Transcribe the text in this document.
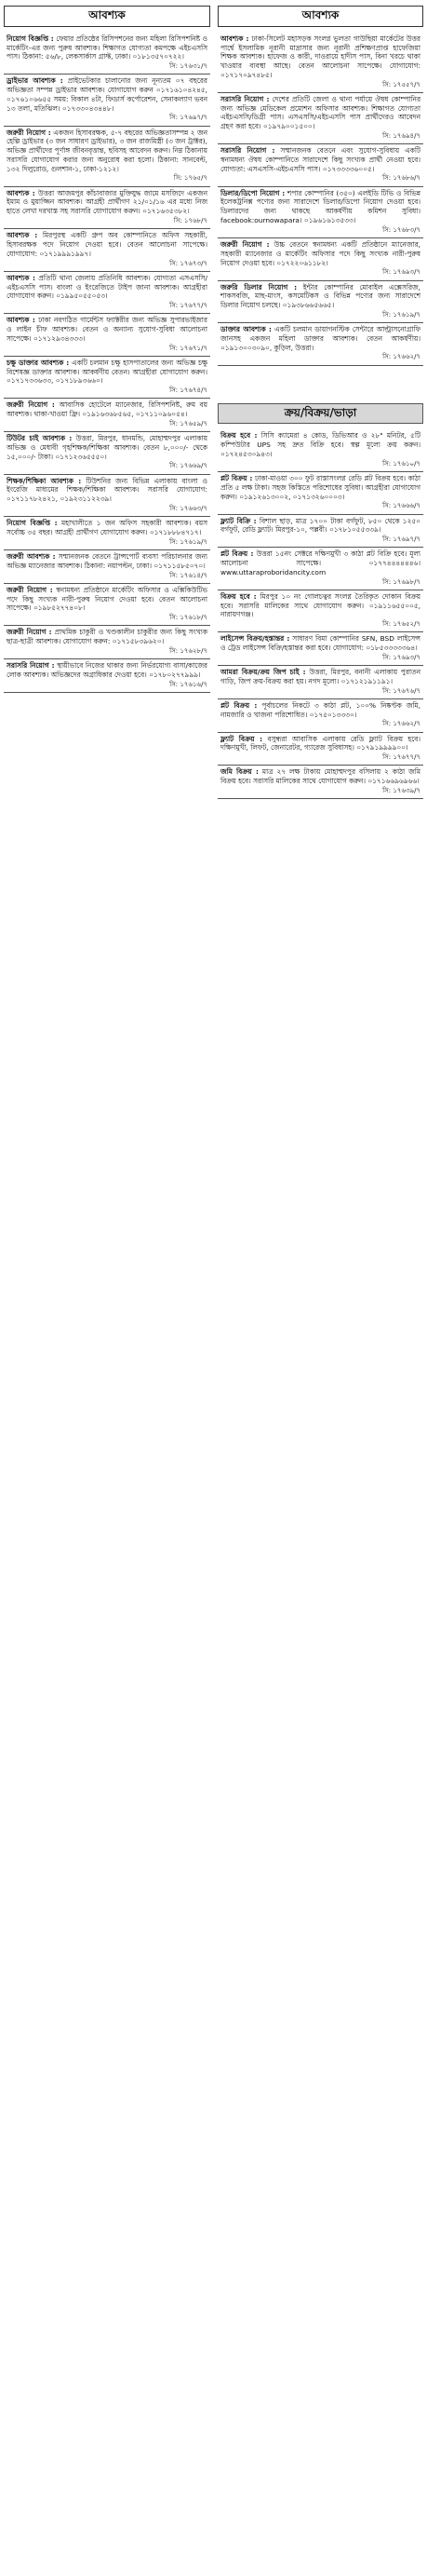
আবশ্যক
নিয়োগ বিজ্ঞপ্তি : ফেয়ার প্রতিষ্ঠের রিসিপশনের জন্য মহিলা রিসিপশনিষ্ট ও মার্কেটিং-এর জন্য পুরুষ আবশ্যক। শিক্ষাগত যোগ্যতা কমপক্ষে এইচএসসি পাস। ঠিকানা: ৫৬/৮, লেকসার্কাস গ্রাফ্ট, ঢাকা। ০১৮১৩৫৭০৭২২।
সি: ১৭৬৩১/৭
ড্রাইভার আবশ্যক : প্রাইভেটকার চালানোর জন্য নূন্যতম ০৭ বছরের অভিজ্ঞতা সম্পন্ন ড্রাইভার আবশ্যক। যোগাযোগ করুন ০১৭১৬১০৪২৪৫, ০১৭৬১০৬৬৫৫ সময়: বিকাল ৪টা, ফিডার্স কর্পোরেশন, সেনাকল্যাণ ভবন ১৩ তলা, মতিঝিল। ০১৭৩৩০৪৩৪৪৮।
সি: ১৭৬৯৭/৭
জরুরী নিয়োগ : একজন হিসাবরক্ষক, ৫-৭ বছরের অভিজ্ঞতাসম্পন্ন ২ জন হেল্পি ড্রাইভার (৩ জন সাধারণ ড্রাইভার), ৩ জন রাজমিস্ত্রী (৩ জন ট্রাক্টর), অভিজ্ঞ প্রার্থীদের পূর্ণাঙ্গ জীবনবৃত্তান্ত, ছবিসহ আবেদন করুন। নিম্ন ঠিকানায় সরাসরি যোগাযোগ করার জন্য অনুরোধ করা হলো। ঠিকানা: সানবেল্ট, ১৩২ দিলুরোড, গুলশান-১, ঢাকা-১২১২।
সি: ১৭৬৫/৭
আবশ্যক : উত্তরা আজমপুর কাঁচাবাজার মুক্তিযুদ্ধ জামে মসজিদে একজন ইমাম ও মুয়াজ্জিন আবশ্যক। আগ্রহী প্রার্থীগণ ২১/০১/১৬ এর মধ্যে নিজ হাতে লেখা দরখাস্ত সহ সরাসরি যোগাযোগ করুন। ০১৭১৬৩৫৩৮২।
সি: ১৭৬৮/৭
আবশ্যক : মিরপুরস্থ একটি গ্রুপ অব কোম্পানিতে অফিস সহকারী, হিসাবরক্ষক পদে নিয়োগ দেওয়া হবে। বেতন আলোচনা সাপেক্ষে। যোগাযোগ: ০১৭১৯৯৯১৯৯৭।
সি: ১৭৬৭৩/৭
আবশ্যক : প্রতিটি থানা জেলায় প্রতিনিধি আবশ্যক। যোগ্যতা এসএসসি/এইচএসসি পাস। বাংলা ও ইংরেজিতে টাইপ জানা আবশ্যক। আগ্রহীরা যোগাযোগ করুন। ০১৯৯৫০৫৫০৫৩।
সি: ১৭৬৭৭/৭
আবশ্যক : ঢাকা নবগঠিত গার্মেন্টস ফ্যাক্টরীর জন্য অভিজ্ঞ সুপারভাইজার ও লাইন চীফ আবশ্যক। বেতন ও অন্যান্য সুযোগ-সুবিধা আলোচনা সাপেক্ষে। ০১৭১২৯৩৪৩৩৩।
সি: ১৭৬৭১/৭
চক্ষু ডাক্তার আবশ্যক : একটি চলমান চক্ষু হাসপাতালের জন্য অভিজ্ঞ চক্ষু বিশেষজ্ঞ ডাক্তার আবশ্যক। আকর্ষণীয় বেতন। আগ্রহীরা যোগাযোগ করুন। ০১৭১৭৩৩৬৩৩, ০১৭১৮৯৩৬৬০।
সি: ১৭৬৭৪/৭
জরুরী নিয়োগ : আবাসিক হোটেলে ম্যানেজার, রিসিপশনিষ্ট, রুম বয় আবশ্যক। থাকা-খাওয়া ফ্রি। ০১৯১৬৩৬৮৫৬৫, ০১৭১১০৯৬০৫৪।
সি: ১৭৬৫৯/৭
টিউটর চাই আবশ্যক : উত্তরা, মিরপুর, ধানমন্ডি, মোহাম্মদপুর এলাকায় অভিজ্ঞ ও মেধাবী গৃহশিক্ষক/শিক্ষিকা আবশ্যক। বেতন ৮,০০০/- থেকে ১৫,০০০/- টাকা। ০১৭১২৩৬৫৫৫০।
সি: ১৭৬৬৯/৭
শিক্ষক/শিক্ষিকা আবশ্যক : টিউশনির জন্য বিভিন্ন এলাকায় বাংলা ও ইংরেজি মাধ্যমের শিক্ষক/শিক্ষিকা আবশ্যক। সরাসরি যোগাযোগ: ০১৭১১৭৮২৪২১, ০১৯২৩১১২২৩৯।
সি: ১৭৬৬৩/৭
নিয়োগ বিজ্ঞপ্তি : মহাখালীতে ১ জন অফিস সহকারী আবশ্যক। বয়স সর্বোচ্চ ৩৫ বছর। আগ্রহী প্রার্থীগণ যোগাযোগ করুন। ০১৭১৮৮৮৪৭১৭।
সি: ১৭৬১৯/৭
জরুরী আবশ্যক : সম্মানজনক বেতনে ট্রান্সপোর্ট ব্যবসা পরিচালনার জন্য অভিজ্ঞ ম্যানেজার আবশ্যক। ঠিকানা: নয়াপল্টন, ঢাকা। ০১৭১১৫৮৫০৭০।
সি: ১৭৬১৪/৭
জরুরী নিয়োগ : স্বনামধন্য প্রতিষ্ঠানে মার্কেটিং অফিসার ও এক্সিকিউটিভ পদে কিছু সংখ্যক নারী-পুরুষ নিয়োগ দেওয়া হবে। বেতন আলোচনা সাপেক্ষে। ০১৯৮৫২৭৭৪০৮।
সি: ১৭৬১৮/৭
জরুরী নিয়োগ : প্রাথমিক চাকুরী ও খণ্ডকালীন চাকুরীর জন্য কিছু সংখ্যক ছাত্র-ছাত্রী আবশ্যক। যোগাযোগ করুন: ০১৭১৫৮৩৯৬২০।
সি: ১৭৬২৮/৭
সরাসরি নিয়োগ : স্থায়ীভাবে নিজের থাকার জন্য নির্ভরযোগ্য বাসা/কাজের লোক আবশ্যক। অভিজ্ঞদের অগ্রাধিকার দেওয়া হবে। ০১৭৮০২৭৭৯৯৯।
সি: ১৭৬১৬/৭
আবশ্যক
আবশ্যক : ঢাকা-সিলেট মহাসড়ক সংলগ্ন ভুলতা গাউছিয়া মার্কেটের উত্তর পার্শ্বে ইসলামিক নূরানী মাদ্রাসার জন্য নূরানী প্রশিক্ষণপ্রাপ্ত হাফেজিয়া শিক্ষক আবশ্যক। হাফেজ ও কারী, দাওরায়ে হাদীস পাস, বিনা খরচে থাকা খাওয়ার ব্যবস্থা আছে। বেতন আলোচনা সাপেক্ষে। যোগাযোগ: ০১৭১৭০৯৭৪৮৫।
সি: ১৭৫৫৭/৭
সরাসরি নিয়োগ : দেশের প্রতিটি জেলা ও থানা পর্যায়ে ঔষধ কোম্পানির জন্য অভিজ্ঞ মেডিকেল প্রমোশন অফিসার আবশ্যক। শিক্ষাগত যোগ্যতা এইচএসসি/ডিগ্রী পাস। এসএসসি/এইচএসসি পাস প্রার্থীদেরও আবেদন গ্রহণ করা হবে। ০১৯৭৯০০১৫০০।
সি: ১৭৬৯৪/৭
সরাসরি নিয়োগ : সম্মানজনক বেতনে এবং সুযোগ-সুবিধায় একটি স্বনামধন্য ঔষধ কোম্পানিতে সারাদেশে কিছু সংখ্যক প্রার্থী নেওয়া হবে। যোগ্যতা: এসএসসি-এইচএসসি পাস। ০১৭৩৩৩৩৬০০৫।
সি: ১৭৬৮৬/৭
ডিলার/ডিপো নিয়োগ : শপার কোম্পানির (৩৫০) এলইডি টিভি ও বিভিন্ন ইলেকট্রনিক্স পণ্যের জন্য সারাদেশে ডিলার/ডিপো নিয়োগ দেওয়া হবে। ডিলারদের জন্য থাকছে আকর্ষণীয় কমিশন সুবিধা। facebook:ournowapara। ০১৯৬১৬১৩৫৩৩।
সি: ১৭৬৮৩/৭
জরুরী নিয়োগ : উচ্চ বেতনে স্বনামধন্য একটি প্রতিষ্ঠানে ম্যানেজার, সহকারী ম্যানেজার ও মার্কেটিং অফিসার পদে কিছু সংখ্যক নারী-পুরুষ নিয়োগ দেওয়া হবে। ০১৭২২০৬১১৮২।
সি: ১৭৬৯৩/৭
জরুরি ডিলার নিয়োগ : ইন্টার কোম্পানির মোবাইল এক্সেসরিজ, শাকসবজি, মাছ-মাংস, কসমেটিকস ও বিভিন্ন পণ্যের জন্য সারাদেশে ডিলার নিয়োগ চলছে। ০১৯৩৮৬৬৫৬৬৫।
সি: ১৭৬১৯/৭
ডাক্তার আবশ্যক : একটি চলমান ডায়াগনস্টিক সেন্টারে আল্ট্রাসনোগ্রাফি জানসহ একজন মহিলা ডাক্তার আবশ্যক। বেতন আকর্ষণীয়। ০১৯১৩০০৩০৯০, কুড়িল, উত্তরা।
সি: ১৭৬৬২/৭
ক্রয়/বিক্রয়/ভাড়া
বিক্রয় হবে : সিসি ক্যামেরা ৪ কোড, ডিভিআর ও ২৮" মনিটর, ৫টি কম্পিউটার UPS সহ দ্রুত বিক্রি হবে। স্বল্প মূল্যে ক্রয় করুন। ০১৭২৪৫৩০৯৪৩।
সি: ১৭৬১০/৭
প্লট বিক্রয় : ঢাকা-মাওয়া ৩০০ ফুট রাস্তাসংলগ্ন রেডি প্লট বিক্রয় হবে। কাঠা প্রতি ৫ লক্ষ টাকা। সহজ কিস্তিতে পরিশোধের সুবিধা। আগ্রহীরা যোগাযোগ করুন। ০১৯১২৬১৩০০২, ০১৭১৩২৬০০০৩।
সি: ১৭৬৬৬/৭
ফ্ল্যাট বিক্রি : বিশাল ছাড়, মাত্র ১৭০০ টাকা বর্গফুট, ৮৫০ থেকে ১২৫০ বর্গফুট, রেডি ফ্ল্যাট। মিরপুর-১০, পল্লবী। ০১৭৮১০৫৫৩৩৯।
সি: ১৭৬৯৭/৭
প্লট বিক্রয় : উত্তরা ১৫নং সেক্টরে দক্ষিণমুখী ৩ কাঠা প্লট বিক্রি হবে। মূল্য আলোচনা সাপেক্ষে। ০১৭৭৪৪৪৪৪৪৬। www.uttaraproboridancity.com
সি: ১৭৬৯৮/৭
বিক্রয় হবে : মিরপুর ১০ নং গোলচত্বর সংলগ্ন তৈরিকৃত দোকান বিক্রয় হবে। সরাসরি মালিকের সাথে যোগাযোগ করুন। ০১৯১১৬৫৫০০৫, নারায়ণগঞ্জ।
সি: ১৭৬৫২/৭
লাইসেন্স বিক্রয়/হস্তান্তর : সাধারণ বিমা কোম্পানির SFN, BSD লাইসেন্স ও ট্রেড লাইসেন্স বিক্রি/হস্তান্তর করা হবে। যোগাযোগ: ০১৮৫৩৩৩৩৩৬৪।
সি: ১৭৬৯৩/৭
আমরা বিক্রয়/ক্রয় জিপ চাই : উত্তরা, মিরপুর, বনানী এলাকায় পুরাতন গাড়ি, জিপ ক্রয়-বিক্রয় করা হয়। নগদ মূল্যে। ০১৭১২১৯১১৯১।
সি: ১৭৬৭৬/৭
প্লট বিক্রয় : পূর্বাচলের নিকটে ৩ কাঠা প্লট, ১০০% নিষ্কণ্টক জমি, নামজারি ও খাজনা পরিশোধিত। ০১৭৫০১৩৩৩০।
সি: ১৭৬৬২/৭
ফ্ল্যাট বিক্রয় : বসুন্ধরা আবাসিক এলাকায় রেডি ফ্ল্যাট বিক্রয় হবে। দক্ষিণমুখী, লিফট, জেনারেটর, গ্যারেজ সুবিধাসহ। ০১৭৯১৯৯৯৯০০।
সি: ১৭৬৭৭/৭
জমি বিক্রয় : মাত্র ২৭ লক্ষ টাকায় মোহাম্মদপুর বসিলায় ২ কাঠা জমি বিক্রয় হবে। সরাসরি মালিকের সাথে যোগাযোগ করুন। ০১৭১৬৬৯৬৯৬৬।
সি: ১৭৬৩৯/৭
